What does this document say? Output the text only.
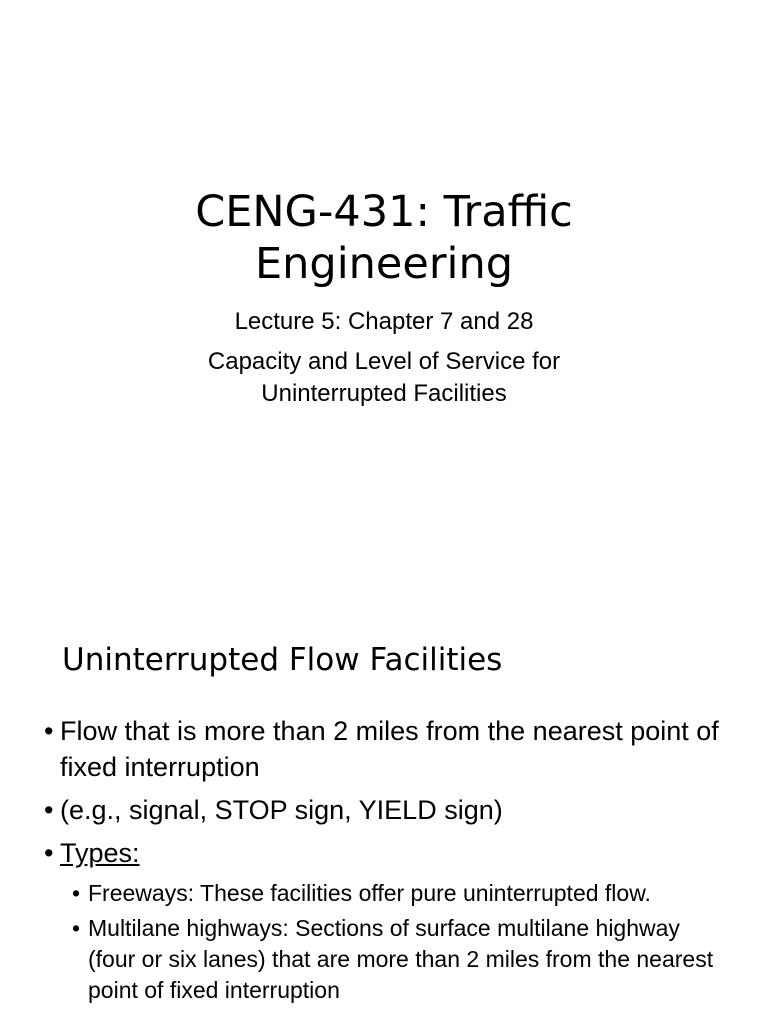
CENG-431: Traffic
Engineering
Lecture 5: Chapter 7 and 28
Capacity and Level of Service for
Uninterrupted Facilities
Uninterrupted Flow Facilities
• Flow that is more than 2 miles from the nearest point of fixed interruption
• (e.g., signal, STOP sign, YIELD sign)
• Types:
• Freeways: These facilities offer pure uninterrupted flow.
• Multilane highways: Sections of surface multilane highway (four or six lanes) that are more than 2 miles from the nearest point of fixed interruption
